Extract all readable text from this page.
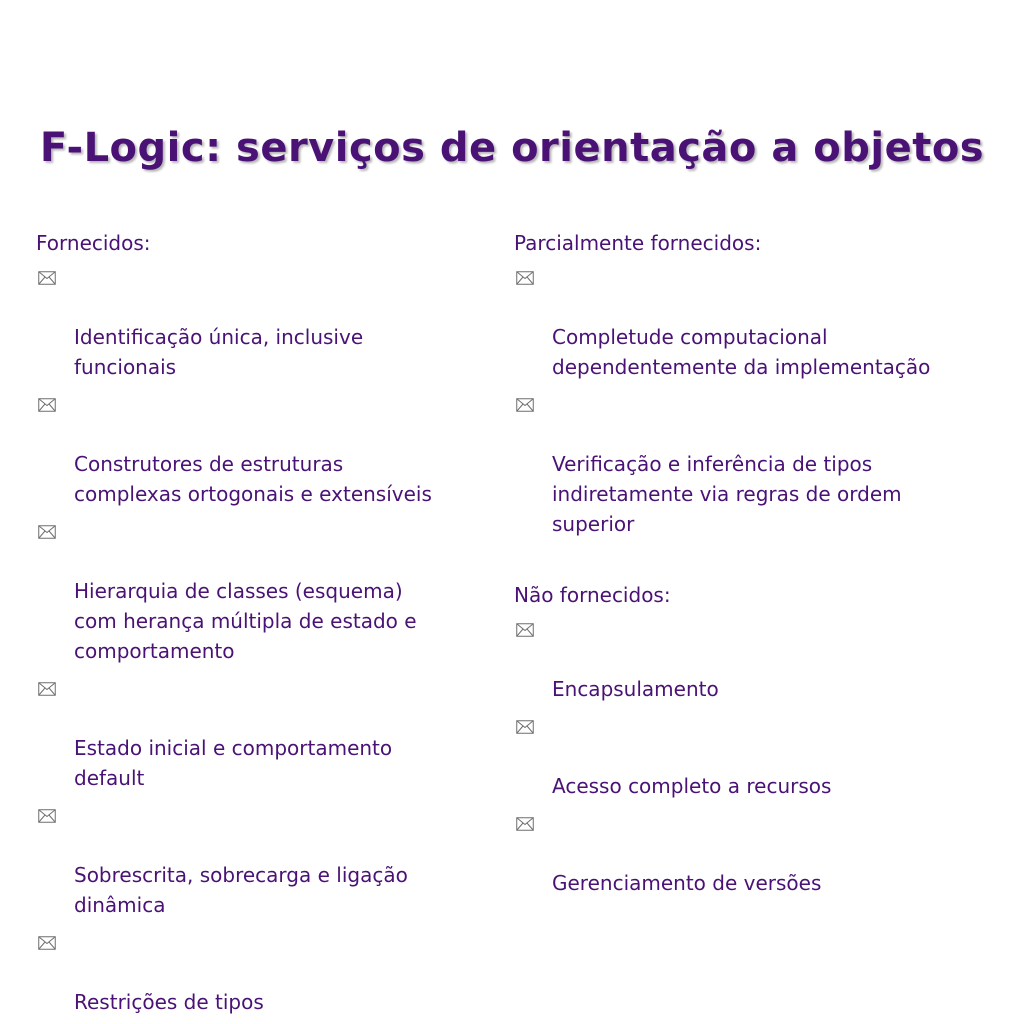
F-Logic: serviços de orientação a objetos
Fornecidos:

Identificação única, inclusive
funcionais

Construtores de estruturas
complexas ortogonais e extensíveis

Hierarquia de classes (esquema)
com herança múltipla de estado e
comportamento

Estado inicial e comportamento
default

Sobrescrita, sobrecarga e ligação
dinâmica

Restrições de tipos

Parcialmente fornecidos:

Completude computacional
dependentemente da implementação

Verificação e inferência de tipos
indiretamente via regras de ordem
superior

Não fornecidos:

Encapsulamento

Acesso completo a recursos

Gerenciamento de versões
